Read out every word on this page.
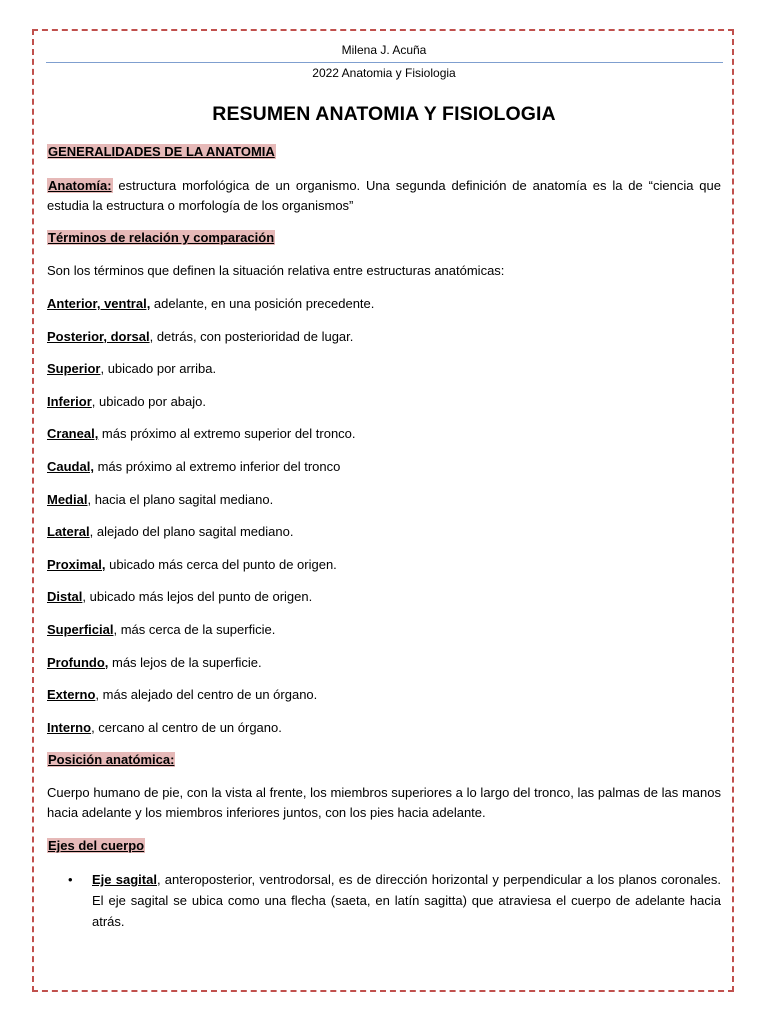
Milena J. Acuña
2022 Anatomia y Fisiologia
RESUMEN ANATOMIA Y FISIOLOGIA
GENERALIDADES DE LA ANATOMIA
Anatomía: estructura morfológica de un organismo. Una segunda definición de anatomía es la de “ciencia que estudia la estructura o morfología de los organismos”
Términos de relación y comparación
Son los términos que definen la situación relativa entre estructuras anatómicas:
Anterior, ventral, adelante, en una posición precedente.
Posterior, dorsal, detrás, con posterioridad de lugar.
Superior, ubicado por arriba.
Inferior, ubicado por abajo.
Craneal, más próximo al extremo superior del tronco.
Caudal, más próximo al extremo inferior del tronco
Medial, hacia el plano sagital mediano.
Lateral, alejado del plano sagital mediano.
Proximal, ubicado más cerca del punto de origen.
Distal, ubicado más lejos del punto de origen.
Superficial, más cerca de la superficie.
Profundo, más lejos de la superficie.
Externo, más alejado del centro de un órgano.
Interno, cercano al centro de un órgano.
Posición anatómica:
Cuerpo humano de pie, con la vista al frente, los miembros superiores a lo largo del tronco, las palmas de las manos hacia adelante y los miembros inferiores juntos, con los pies hacia adelante.
Ejes del cuerpo
• Eje sagital, anteroposterior, ventrodorsal, es de dirección horizontal y perpendicular a los planos coronales. El eje sagital se ubica como una flecha (saeta, en latín sagitta) que atraviesa el cuerpo de adelante hacia atrás.
